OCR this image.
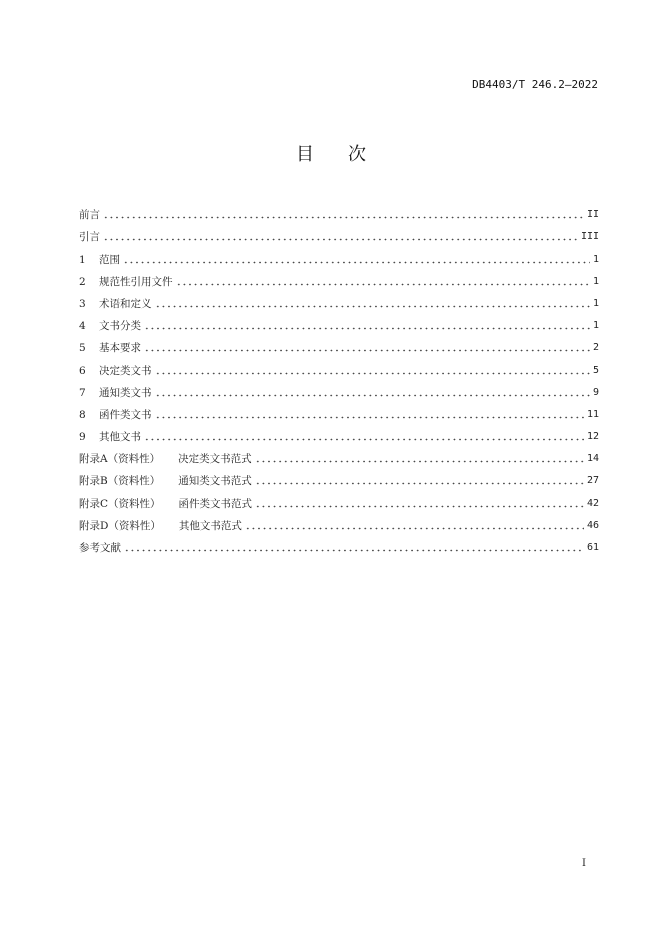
DB4403/T 246.2—2022
目次
前言	II
引言	III
1 范围	1
2 规范性引用文件	1
3 术语和定义	1
4 文书分类	1
5 基本要求	2
6 决定类文书	5
7 通知类文书	9
8 函件类文书	11
9 其他文书	12
附录A（资料性） 决定类文书范式	14
附录B（资料性） 通知类文书范式	27
附录C（资料性） 函件类文书范式	42
附录D（资料性） 其他文书范式	46
参考文献	61
I
